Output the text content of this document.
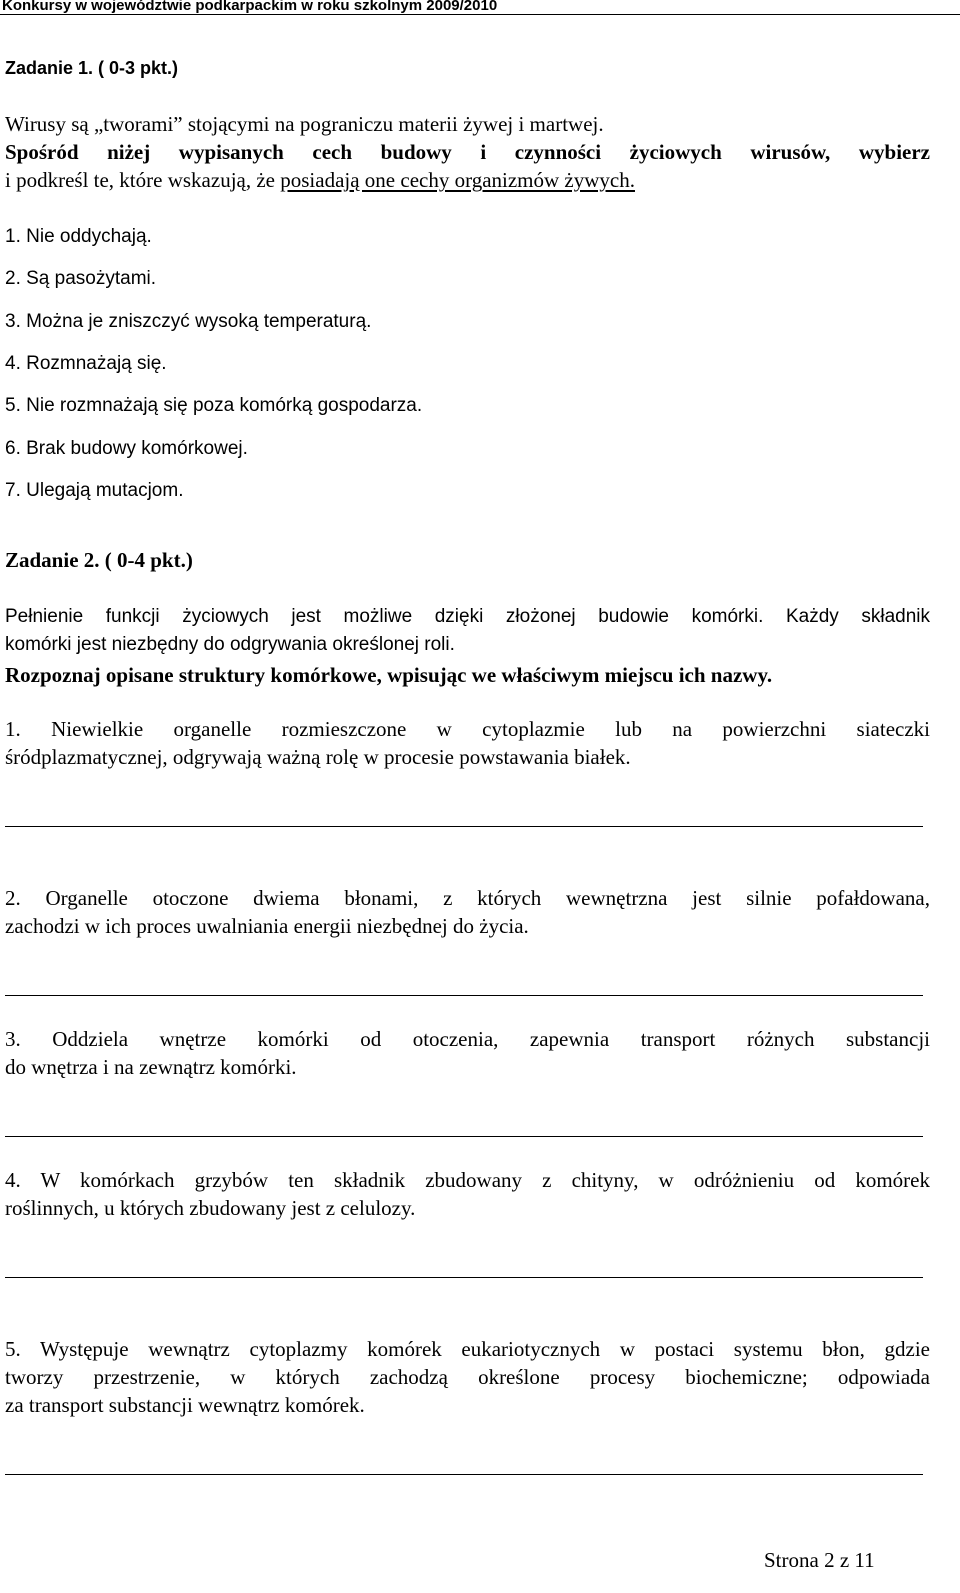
Konkursy w województwie podkarpackim w roku szkolnym 2009/2010
Zadanie 1. ( 0-3 pkt.)
Wirusy są „tworami” stojącymi na pograniczu materii żywej i martwej.
Spośród niżej wypisanych cech budowy i czynności życiowych wirusów, wybierz
i podkreśl te, które wskazują, że posiadają one cechy organizmów żywych.
1. Nie oddychają.
2. Są pasożytami.
3. Można je zniszczyć wysoką temperaturą.
4. Rozmnażają się.
5. Nie rozmnażają się poza komórką gospodarza.
6. Brak budowy komórkowej.
7. Ulegają mutacjom.
Zadanie 2. ( 0-4 pkt.)
Pełnienie funkcji życiowych jest możliwe dzięki złożonej budowie komórki. Każdy składnik
komórki jest niezbędny do odgrywania określonej roli.
Rozpoznaj opisane struktury komórkowe, wpisując we właściwym miejscu ich nazwy.
1. Niewielkie organelle rozmieszczone w cytoplazmie lub na powierzchni siateczki
śródplazmatycznej, odgrywają ważną rolę w procesie powstawania białek.
2. Organelle otoczone dwiema błonami, z których wewnętrzna jest silnie pofałdowana,
zachodzi w ich proces uwalniania energii niezbędnej do życia.
3. Oddziela wnętrze komórki od otoczenia, zapewnia transport różnych substancji
do wnętrza i na zewnątrz komórki.
4. W komórkach grzybów ten składnik zbudowany z chityny, w odróżnieniu od komórek
roślinnych, u których zbudowany jest z celulozy.
5. Występuje wewnątrz cytoplazmy komórek eukariotycznych w postaci systemu błon, gdzie
tworzy przestrzenie, w których zachodzą określone procesy biochemiczne; odpowiada
za transport substancji wewnątrz komórek.
Strona 2 z 11
